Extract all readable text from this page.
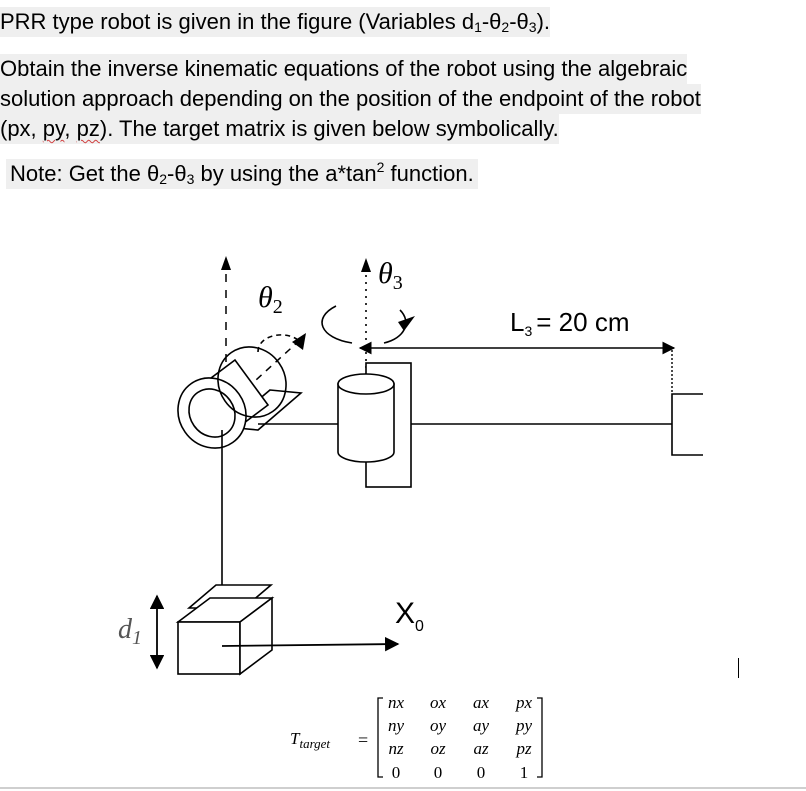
PRR type robot is given in the figure (Variables $d_1-\theta_2-\theta_3$).
Obtain the inverse kinematic equations of the robot using the algebraic
solution approach depending on the position of the endpoint of the robot
(px, py, pz). The target matrix is given below symbolically.
Note: Get the $\theta_2-\theta_3$ by using the $a*\tan^2$ function.
$\theta_2$
$\theta_3$
L3 = 20 cm
$d_1$
$X_0$
$T_{target}$ =
nx ox ax px
ny oy ay py
nz oz az pz
0 0 0 1
